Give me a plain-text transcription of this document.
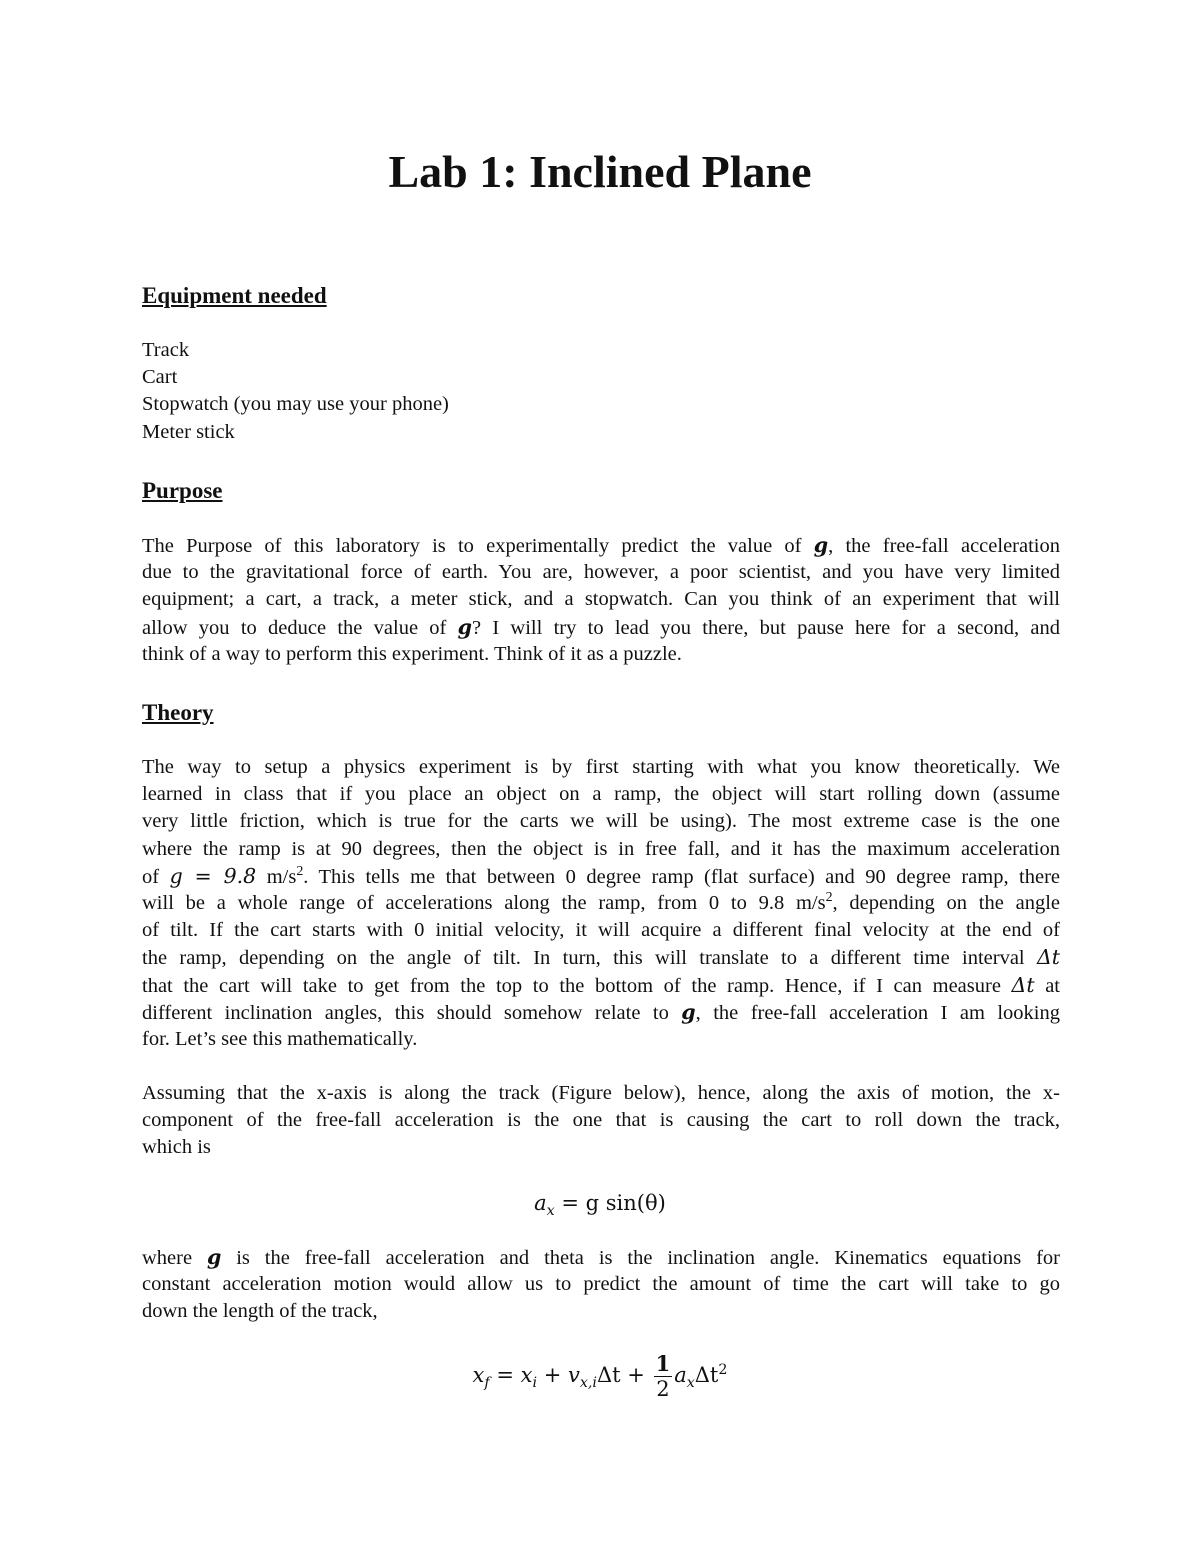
Lab 1: Inclined Plane
Equipment needed
Track
Cart
Stopwatch (you may use your phone)
Meter stick
Purpose
The Purpose of this laboratory is to experimentally predict the value of g, the free-fall acceleration
due to the gravitational force of earth. You are, however, a poor scientist, and you have very limited
equipment; a cart, a track, a meter stick, and a stopwatch. Can you think of an experiment that will
allow you to deduce the value of g? I will try to lead you there, but pause here for a second, and
think of a way to perform this experiment. Think of it as a puzzle.
Theory
The way to setup a physics experiment is by first starting with what you know theoretically. We
learned in class that if you place an object on a ramp, the object will start rolling down (assume
very little friction, which is true for the carts we will be using). The most extreme case is the one
where the ramp is at 90 degrees, then the object is in free fall, and it has the maximum acceleration
of g = 9.8 $m/s^2$. This tells me that between 0 degree ramp (flat surface) and 90 degree ramp, there
will be a whole range of accelerations along the ramp, from 0 to 9.8 $m/s^2$, depending on the angle
of tilt. If the cart starts with 0 initial velocity, it will acquire a different final velocity at the end of
the ramp, depending on the angle of tilt. In turn, this will translate to a different time interval Δt
that the cart will take to get from the top to the bottom of the ramp. Hence, if I can measure Δt at
different inclination angles, this should somehow relate to g, the free-fall acceleration I am looking
for. Let’s see this mathematically.
Assuming that the x-axis is along the track (Figure below), hence, along the axis of motion, the x-
component of the free-fall acceleration is the one that is causing the cart to roll down the track,
which is
$a_x = g$ sin(θ)
where g is the free-fall acceleration and theta is the inclination angle. Kinematics equations for
constant acceleration motion would allow us to predict the amount of time the cart will take to go
down the length of the track,
$x_f = x_i + v_{x,i}\Delta t + \frac{1}{2} a_x\Delta t^2$
